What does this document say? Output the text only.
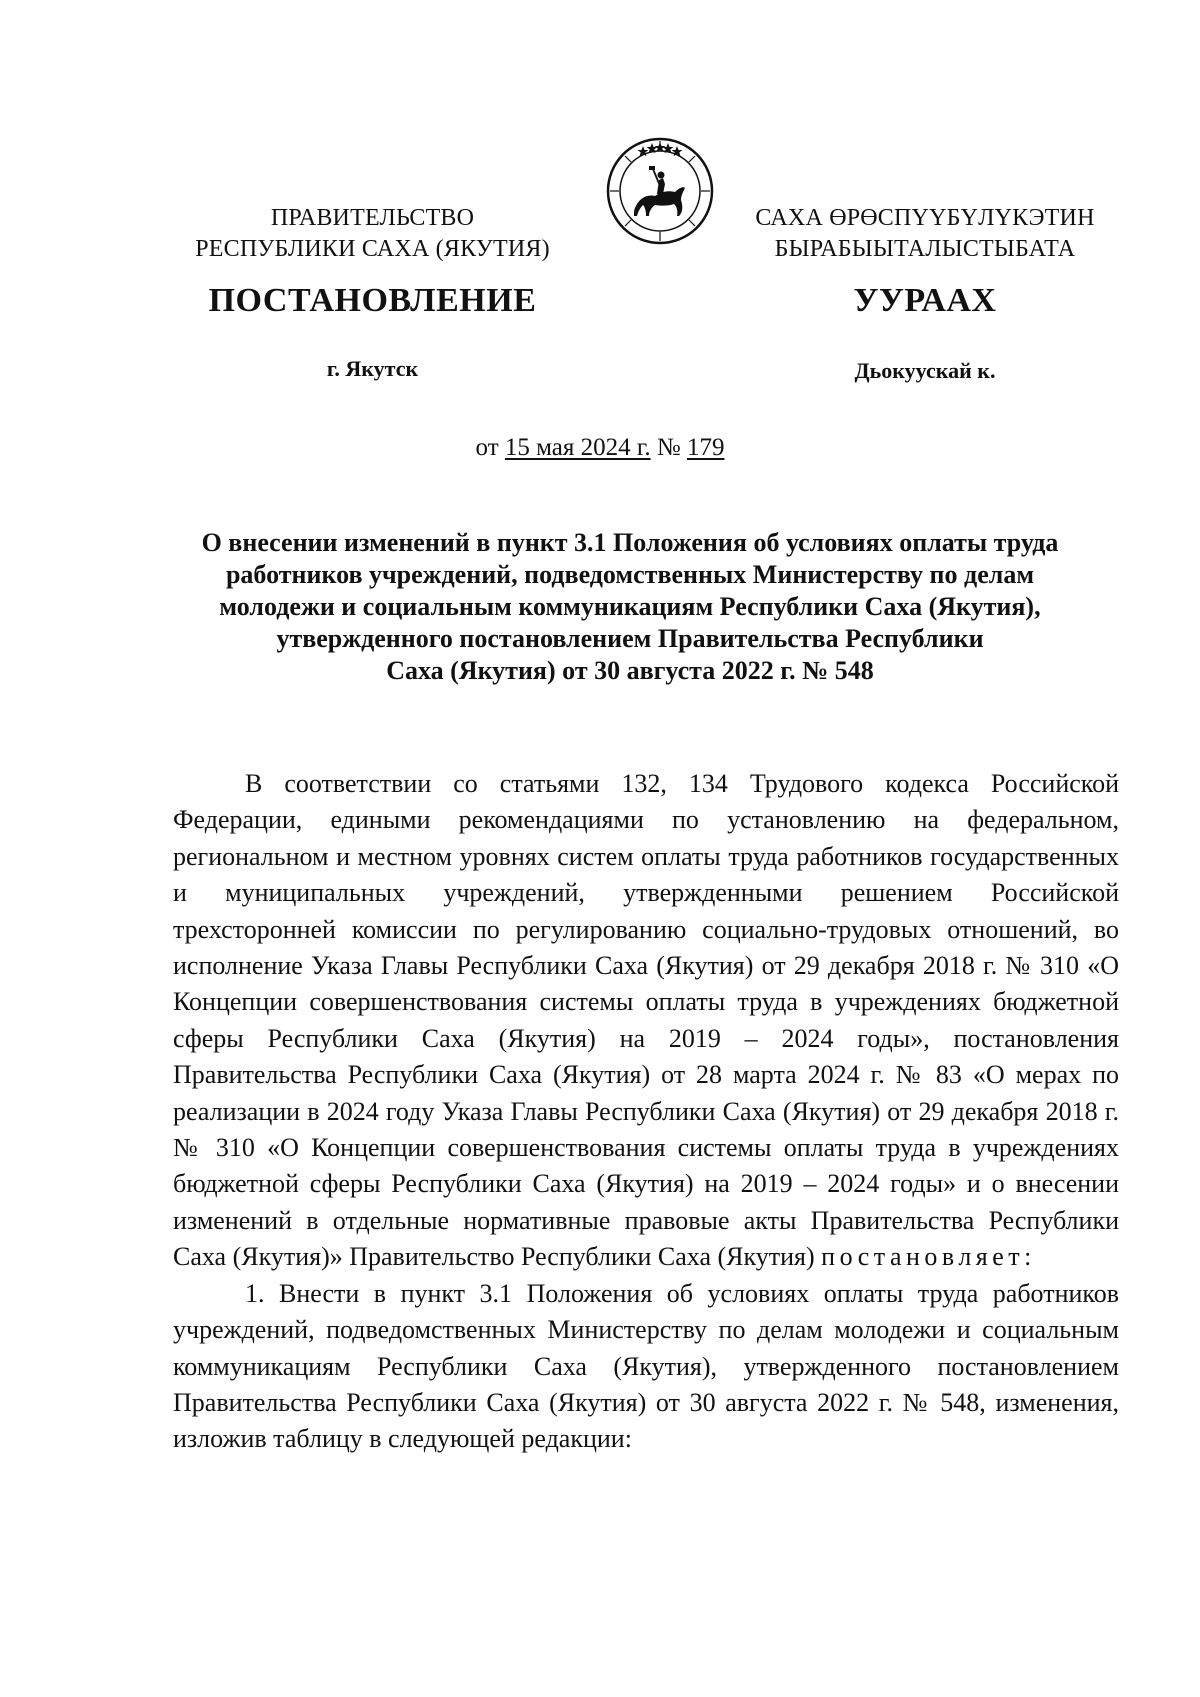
ПРАВИТЕЛЬСТВО
РЕСПУБЛИКИ САХА (ЯКУТИЯ)
САХА ӨРӨСПҮҮБҮЛҮКЭТИН
БЫРАБЫЫТАЛЫСТЫБАТА
ПОСТАНОВЛЕНИЕ	УУРААХ
г. Якутск	Дьокуускай к.
от 15 мая 2024 г. № 179
О внесении изменений в пункт 3.1 Положения об условиях оплаты труда
работников учреждений, подведомственных Министерству по делам
молодежи и социальным коммуникациям Республики Саха (Якутия),
утвержденного постановлением Правительства Республики
Саха (Якутия) от 30 августа 2022 г. № 548

В соответствии со статьями 132, 134 Трудового кодекса Российской Федерации, едиными рекомендациями по установлению на федеральном, региональном и местном уровнях систем оплаты труда работников государственных и муниципальных учреждений, утвержденными решением Российской трехсторонней комиссии по регулированию социально-трудовых отношений, во исполнение Указа Главы Республики Саха (Якутия) от 29 декабря 2018 г. № 310 «О Концепции совершенствования системы оплаты труда в учреждениях бюджетной сферы Республики Саха (Якутия) на 2019 – 2024 годы», постановления Правительства Республики Саха (Якутия) от 28 марта 2024 г. № 83 «О мерах по реализации в 2024 году Указа Главы Республики Саха (Якутия) от 29 декабря 2018 г. № 310 «О Концепции совершенствования системы оплаты труда в учреждениях бюджетной сферы Республики Саха (Якутия) на 2019 – 2024 годы» и о внесении изменений в отдельные нормативные правовые акты Правительства Республики Саха (Якутия)» Правительство Республики Саха (Якутия) постановляет:

1. Внести в пункт 3.1 Положения об условиях оплаты труда работников учреждений, подведомственных Министерству по делам молодежи и социальным коммуникациям Республики Саха (Якутия), утвержденного постановлением Правительства Республики Саха (Якутия) от 30 августа 2022 г. № 548, изменения, изложив таблицу в следующей редакции:
